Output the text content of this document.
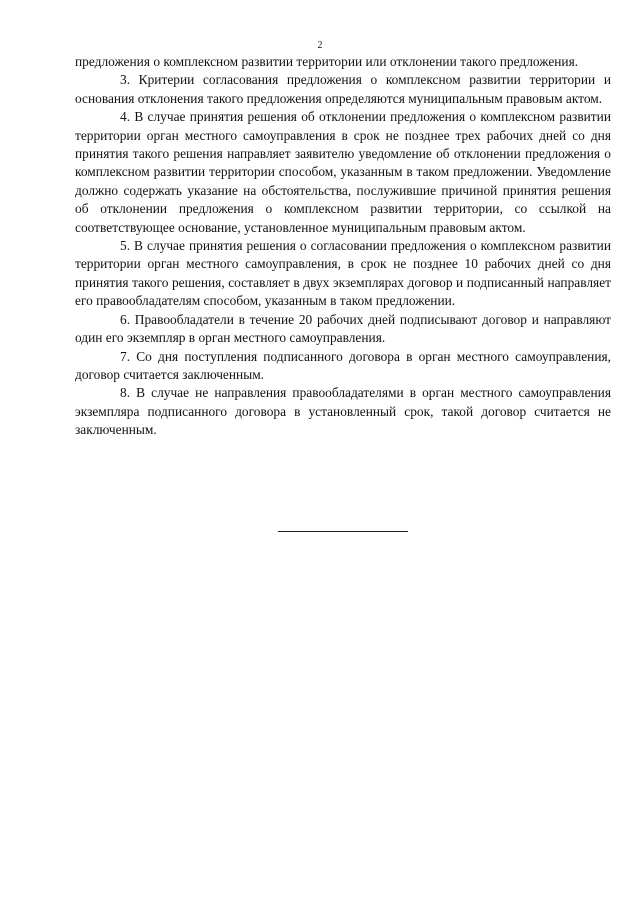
2

предложения о комплексном развитии территории или отклонении такого предложения.

3. Критерии согласования предложения о комплексном развитии территории и основания отклонения такого предложения определяются муниципальным правовым актом.

4. В случае принятия решения об отклонении предложения о комплексном развитии территории орган местного самоуправления в срок не позднее трех рабочих дней со дня принятия такого решения направляет заявителю уведомление об отклонении предложения о комплексном развитии территории способом, указанным в таком предложении. Уведомление должно содержать указание на обстоятельства, послужившие причиной принятия решения об отклонении предложения о комплексном развитии территории, со ссылкой на соответствующее основание, установленное муниципальным правовым актом.

5. В случае принятия решения о согласовании предложения о комплексном развитии территории орган местного самоуправления, в срок не позднее 10 рабочих дней со дня принятия такого решения, составляет в двух экземплярах договор и подписанный направляет его правообладателям способом, указанным в таком предложении.

6. Правообладатели в течение 20 рабочих дней подписывают договор и направляют один его экземпляр в орган местного самоуправления.

7. Со дня поступления подписанного договора в орган местного самоуправления, договор считается заключенным.

8. В случае не направления правообладателями в орган местного самоуправления экземпляра подписанного договора в установленный срок, такой договор считается не заключенным.
